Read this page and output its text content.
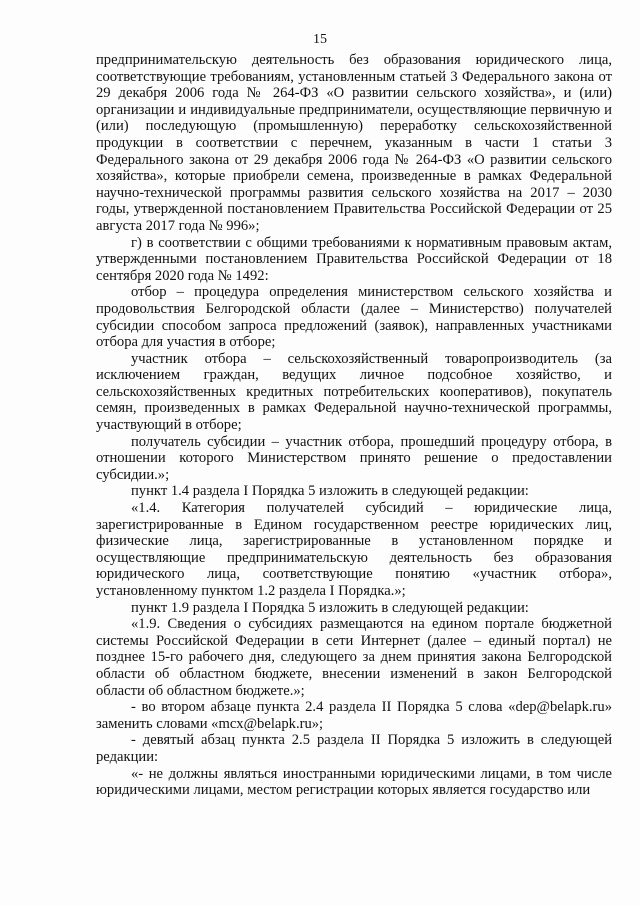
15

предпринимательскую деятельность без образования юридического лица, соответствующие требованиям, установленным статьей 3 Федерального закона от 29 декабря 2006 года № 264-ФЗ «О развитии сельского хозяйства», и (или) организации и индивидуальные предприниматели, осуществляющие первичную и (или) последующую (промышленную) переработку сельскохозяйственной продукции в соответствии с перечнем, указанным в части 1 статьи 3 Федерального закона от 29 декабря 2006 года № 264-ФЗ «О развитии сельского хозяйства», которые приобрели семена, произведенные в рамках Федеральной научно-технической программы развития сельского хозяйства на 2017 – 2030 годы, утвержденной постановлением Правительства Российской Федерации от 25 августа 2017 года № 996»;

г) в соответствии с общими требованиями к нормативным правовым актам, утвержденными постановлением Правительства Российской Федерации от 18 сентября 2020 года № 1492:

отбор – процедура определения министерством сельского хозяйства и продовольствия Белгородской области (далее – Министерство) получателей субсидии способом запроса предложений (заявок), направленных участниками отбора для участия в отборе;

участник отбора – сельскохозяйственный товаропроизводитель (за исключением граждан, ведущих личное подсобное хозяйство, и сельскохозяйственных кредитных потребительских кооперативов), покупатель семян, произведенных в рамках Федеральной научно-технической программы, участвующий в отборе;

получатель субсидии – участник отбора, прошедший процедуру отбора, в отношении которого Министерством принято решение о предоставлении субсидии.»;

пункт 1.4 раздела I Порядка 5 изложить в следующей редакции:

«1.4. Категория получателей субсидий – юридические лица, зарегистрированные в Едином государственном реестре юридических лиц, физические лица, зарегистрированные в установленном порядке и осуществляющие предпринимательскую деятельность без образования юридического лица, соответствующие понятию «участник отбора», установленному пунктом 1.2 раздела I Порядка.»;

пункт 1.9 раздела I Порядка 5 изложить в следующей редакции:

«1.9. Сведения о субсидиях размещаются на едином портале бюджетной системы Российской Федерации в сети Интернет (далее – единый портал) не позднее 15-го рабочего дня, следующего за днем принятия закона Белгородской области об областном бюджете, внесении изменений в закон Белгородской области об областном бюджете.»;

- во втором абзаце пункта 2.4 раздела II Порядка 5 слова «dep@belapk.ru» заменить словами «mcx@belapk.ru»;

- девятый абзац пункта 2.5 раздела II Порядка 5 изложить в следующей редакции:

«- не должны являться иностранными юридическими лицами, в том числе юридическими лицами, местом регистрации которых является государство или
